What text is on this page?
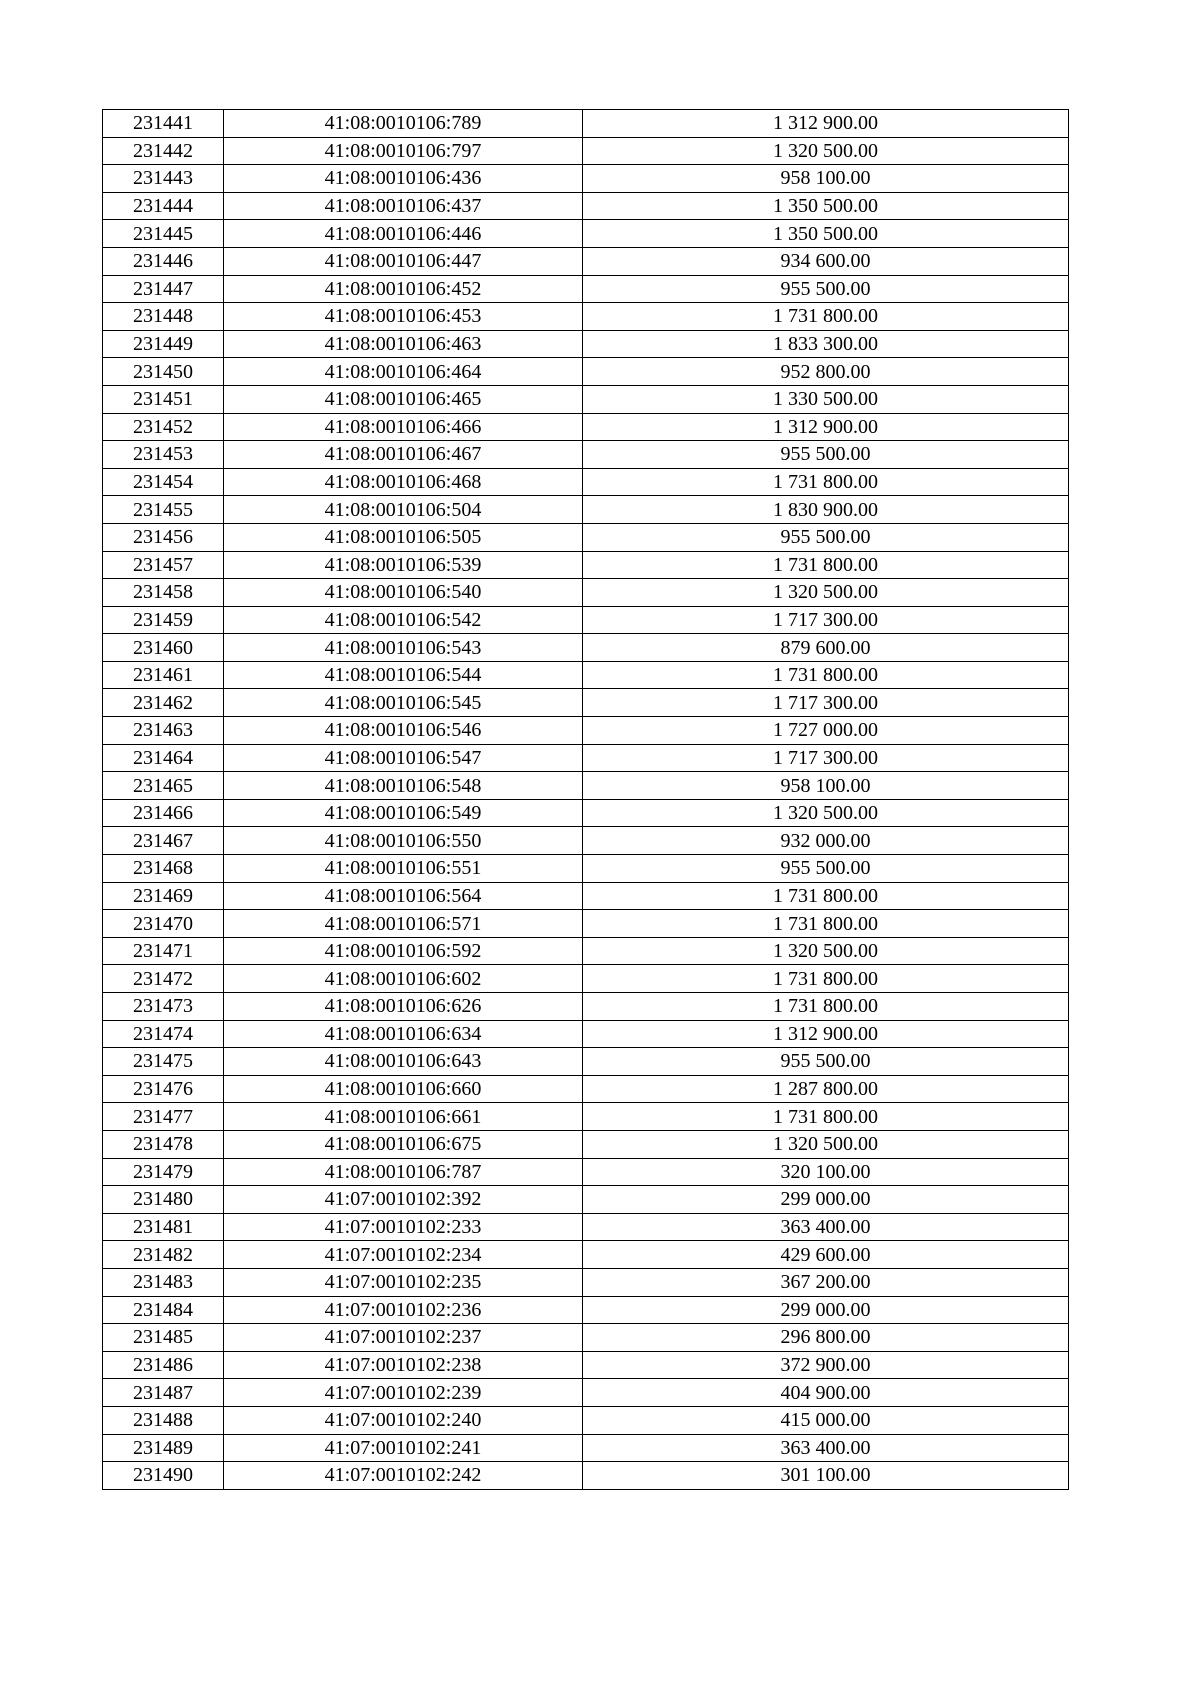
231441	41:08:0010106:789	1 312 900.00
231442	41:08:0010106:797	1 320 500.00
231443	41:08:0010106:436	958 100.00
231444	41:08:0010106:437	1 350 500.00
231445	41:08:0010106:446	1 350 500.00
231446	41:08:0010106:447	934 600.00
231447	41:08:0010106:452	955 500.00
231448	41:08:0010106:453	1 731 800.00
231449	41:08:0010106:463	1 833 300.00
231450	41:08:0010106:464	952 800.00
231451	41:08:0010106:465	1 330 500.00
231452	41:08:0010106:466	1 312 900.00
231453	41:08:0010106:467	955 500.00
231454	41:08:0010106:468	1 731 800.00
231455	41:08:0010106:504	1 830 900.00
231456	41:08:0010106:505	955 500.00
231457	41:08:0010106:539	1 731 800.00
231458	41:08:0010106:540	1 320 500.00
231459	41:08:0010106:542	1 717 300.00
231460	41:08:0010106:543	879 600.00
231461	41:08:0010106:544	1 731 800.00
231462	41:08:0010106:545	1 717 300.00
231463	41:08:0010106:546	1 727 000.00
231464	41:08:0010106:547	1 717 300.00
231465	41:08:0010106:548	958 100.00
231466	41:08:0010106:549	1 320 500.00
231467	41:08:0010106:550	932 000.00
231468	41:08:0010106:551	955 500.00
231469	41:08:0010106:564	1 731 800.00
231470	41:08:0010106:571	1 731 800.00
231471	41:08:0010106:592	1 320 500.00
231472	41:08:0010106:602	1 731 800.00
231473	41:08:0010106:626	1 731 800.00
231474	41:08:0010106:634	1 312 900.00
231475	41:08:0010106:643	955 500.00
231476	41:08:0010106:660	1 287 800.00
231477	41:08:0010106:661	1 731 800.00
231478	41:08:0010106:675	1 320 500.00
231479	41:08:0010106:787	320 100.00
231480	41:07:0010102:392	299 000.00
231481	41:07:0010102:233	363 400.00
231482	41:07:0010102:234	429 600.00
231483	41:07:0010102:235	367 200.00
231484	41:07:0010102:236	299 000.00
231485	41:07:0010102:237	296 800.00
231486	41:07:0010102:238	372 900.00
231487	41:07:0010102:239	404 900.00
231488	41:07:0010102:240	415 000.00
231489	41:07:0010102:241	363 400.00
231490	41:07:0010102:242	301 100.00
